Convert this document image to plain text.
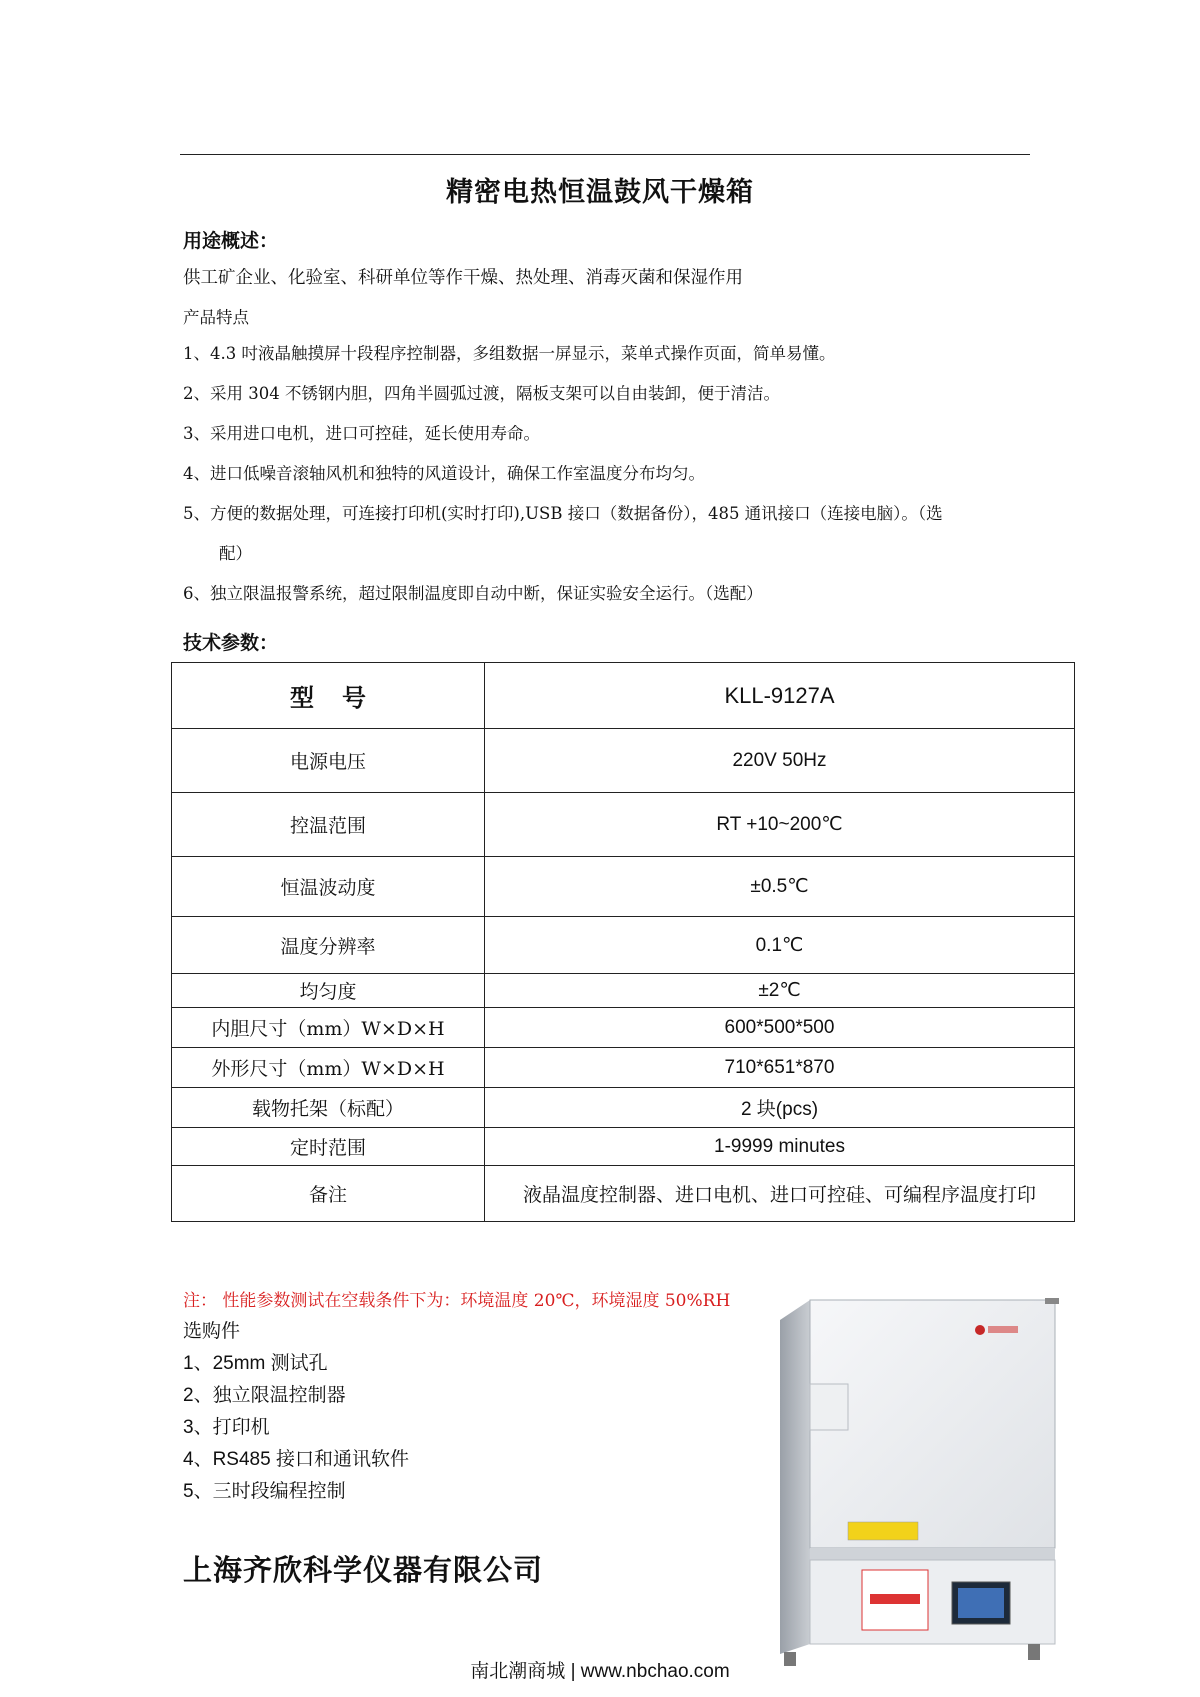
精密电热恒温鼓风干燥箱
用途概述：
供工矿企业、化验室、科研单位等作干燥、热处理、消毒灭菌和保湿作用
产品特点
1、4.3 吋液晶触摸屏十段程序控制器，多组数据一屏显示，菜单式操作页面，简单易懂。
2、采用 304 不锈钢内胆，四角半圆弧过渡，隔板支架可以自由装卸，便于清洁。
3、采用进口电机，进口可控硅，延长使用寿命。
4、进口低噪音滚轴风机和独特的风道设计，确保工作室温度分布均匀。
5、方便的数据处理，可连接打印机(实时打印),USB 接口（数据备份），485 通讯接口（连接电脑）。（选
配）
6、独立限温报警系统，超过限制温度即自动中断，保证实验安全运行。（选配）
技术参数：
型号	KLL-9127A
电源电压	220V 50Hz
控温范围	RT +10~200℃
恒温波动度	±0.5℃
温度分辨率	0.1℃
均匀度	±2℃
内胆尺寸（mm）W×D×H	600*500*500
外形尺寸（mm）W×D×H	710*651*870
载物托架（标配）	2 块(pcs)
定时范围	1-9999 minutes
备注	液晶温度控制器、进口电机、进口可控硅、可编程序温度打印
注： 性能参数测试在空载条件下为：环境温度 20℃，环境湿度 50%RH
选购件
1、25mm 测试孔
2、独立限温控制器
3、打印机
4、RS485 接口和通讯软件
5、三时段编程控制
上海齐欣科学仪器有限公司
南北潮商城 | www.nbchao.com
